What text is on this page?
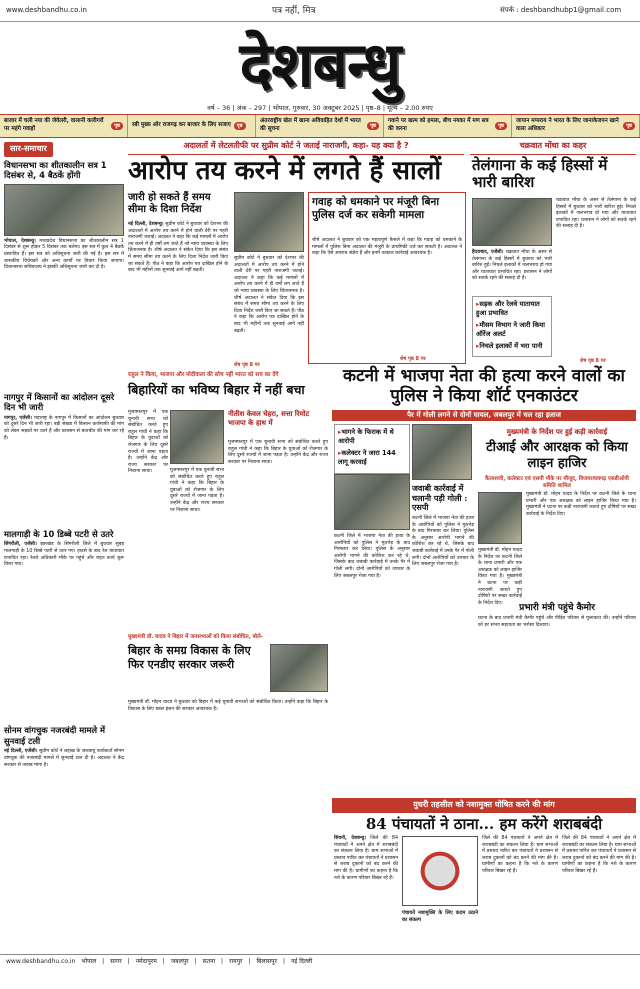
www.deshbandhu.co.in	पत्र नहीं, मित्र	संपर्क : deshbandhubp1@gmail.com
देशबन्धु
वर्ष – 36 | अंक – 297 | भोपाल, गुरुवार, 30 अक्टूबर 2025 | पृष्ठ–8 | मूल्य – 2.00 रुपए
बाजार में चली नया की जेवेलरी, वालानी कारीगरों पर महंगे गवाहों
पृष्ठ	रबी मुख्य ओर राजगढ़ कर बाजार के लिए सजाए	पृष्ठ
अंतरराष्ट्रीय खेल में खाना अविवाहित देशों में भारत की सूचना
पृष्ठ
गवाने पर खत्म को हमला, बीच नयका में मण सत्र की करना
पृष्ठ
जापान मप्पराय ने भारत के लिए जानाकेजपन खाने वाला अधिकार
पृष्ठ
सार-समाचार
विधानसभा का शीतकालीन सत्र 1 दिसंबर से, 4 बैठकें होंगी
भोपाल, देशबन्धु। मध्यप्रदेश विधानसभा का शीतकालीन सत्र 1 दिसंबर से शुरू होकर 5 दिसंबर तक चलेगा। इस सत्र में कुल 4 बैठकें प्रस्तावित हैं। इस सत्र को अधिसूचना जारी की गई है। इस सत्र में शासकीय विधेयकों और अन्य कार्यों पर विचार किया जाएगा। विधानसभा सचिवालय ने इसकी अधिसूचना जारी कर दी है।
नागपुर में किसानों का आंदोलन दूसरे दिन भी जारी
नागपुर, एजेंसी। महाराष्ट्र के नागपुर में किसानों का आंदोलन बुधवार को दूसरे दिन भी जारी रहा। बड़ी संख्या में किसान कर्जमाफी की मांग को लेकर सड़कों पर उतरे हैं और प्रशासन से बातचीत की मांग कर रहे हैं।
मालगाड़ी के 10 डिब्बे पटरी से उतरे
सिंगरौली, एजेंसी। झारखंड के सिंगरौली जिले में बुधवार सुबह मालगाड़ी के 10 डिब्बे पटरी से उतर गए। हादसे के बाद रेल यातायात प्रभावित रहा। रेलवे अधिकारी मौके पर पहुंचे और राहत कार्य शुरू किया गया।
सोनम वांगचुक नजरबंदी मामले में सुनवाई टली
नई दिल्ली, एजेंसी। सुप्रीम कोर्ट ने लद्दाख के जलवायु कार्यकर्ता सोनम वांगचुक की नजरबंदी मामले में सुनवाई टाल दी है। अदालत ने केंद्र सरकार से जवाब मांगा है।
अदालतों में लेटलतीफी पर सुप्रीम कोर्ट ने जताई नाराजगी, कहा- यह क्या है ?
आरोप तय करने में लगते हैं सालों
जारी हो सकते हैं समय सीमा के दिशा निर्देश
नई दिल्ली, देशबन्धु। सुप्रीम कोर्ट ने बुधवार को देशभर की अदालतों में आरोप तय करने में होने वाली देरी पर गहरी नाराजगी जताई। अदालत ने कहा कि कई मामलों में आरोप तय करने में ही वर्षों लग जाते हैं जो न्याय व्यवस्था के लिए चिंताजनक है। शीर्ष अदालत ने संकेत दिया कि इस संबंध में समय सीमा तय करने के लिए दिशा निर्देश जारी किए जा सकते हैं। पीठ ने कहा कि आरोप पत्र दाखिल होने के बाद भी महीनों तक सुनवाई आगे नहीं बढ़ती।
सुप्रीम कोर्ट ने बुधवार को देशभर की अदालतों में आरोप तय करने में होने वाली देरी पर गहरी नाराजगी जताई। अदालत ने कहा कि कई मामलों में आरोप तय करने में ही वर्षों लग जाते हैं जो न्याय व्यवस्था के लिए चिंताजनक है। शीर्ष अदालत ने संकेत दिया कि इस संबंध में समय सीमा तय करने के लिए दिशा निर्देश जारी किए जा सकते हैं। पीठ ने कहा कि आरोप पत्र दाखिल होने के बाद भी महीनों तक सुनवाई आगे नहीं बढ़ती।
शेष पृष्ठ 8 पर
गवाह को धमकाने पर मंजूरी बिना पुलिस दर्ज कर सकेगी मामला
शीर्ष अदालत ने बुधवार को एक महत्वपूर्ण फैसले में कहा कि गवाह को धमकाने के मामलों में पुलिस बिना अदालत की मंजूरी के प्राथमिकी दर्ज कर सकती है। अदालत ने कहा कि ऐसे अपराध संज्ञेय हैं और इनमें तत्काल कार्रवाई आवश्यक है।
शेष पृष्ठ 8 पर
चक्रवात मोंथा का कहर
तेलंगाना के कई हिस्सों में भारी बारिश
चक्रवात मोंथा के असर से तेलंगाना के कई हिस्सों में बुधवार को भारी बारिश हुई। निचले इलाकों में जलभराव हो गया और यातायात प्रभावित रहा। प्रशासन ने लोगों को सतर्क रहने की सलाह दी है।
हैदराबाद, एजेंसी। चक्रवात मोंथा के असर से तेलंगाना के कई हिस्सों में बुधवार को भारी बारिश हुई। निचले इलाकों में जलभराव हो गया और यातायात प्रभावित रहा। प्रशासन ने लोगों को सतर्क रहने की सलाह दी है।
▸ सड़क और रेलवे यातायात हुआ प्रभावित
▸ मौसम विभाग ने जारी किया ऑरेंज अलर्ट
▸ निचले इलाकों में भरा पानी
शेष पृष्ठ 8 पर
राहुल ने किया, भाजपा और मोदीवाला की सोच नहीं भारत को सच का देंगे
बिहारियों का भविष्य बिहार में नहीं बचा
मुजफ्फरपुर में एक चुनावी सभा को संबोधित करते हुए राहुल गांधी ने कहा कि बिहार के युवाओं को रोजगार के लिए दूसरे राज्यों में जाना पड़ता है। उन्होंने केंद्र और राज्य सरकार पर निशाना साधा।
नीतीश केवल चेहरा, सत्ता रिमोट भाजपा के हाथ में
मुजफ्फरपुर में एक चुनावी सभा को संबोधित करते हुए राहुल गांधी ने कहा कि बिहार के युवाओं को रोजगार के लिए दूसरे राज्यों में जाना पड़ता है। उन्होंने केंद्र और राज्य सरकार पर निशाना साधा।
मुजफ्फरपुर में एक चुनावी सभा को संबोधित करते हुए राहुल गांधी ने कहा कि बिहार के युवाओं को रोजगार के लिए दूसरे राज्यों में जाना पड़ता है। उन्होंने केंद्र और राज्य सरकार पर निशाना साधा।
मुख्यमंत्री डॉ. यादव ने बिहार में जनसभाओं को किया संबोधित, बोले-
बिहार के समग्र विकास के लिए फिर एनडीए सरकार जरूरी
मुख्यमंत्री डॉ. मोहन यादव ने बुधवार को बिहार में कई चुनावी सभाओं को संबोधित किया। उन्होंने कहा कि बिहार के विकास के लिए डबल इंजन की सरकार आवश्यक है।
कटनी में भाजपा नेता की हत्या करने वालों का पुलिस ने किया शॉर्ट एनकाउंटर
पैर में गोली लगने से दोनों घायल, जबलपुर में चल रहा इलाज
▸ भागने के फिराक में थे आरोपी
▸ कलेक्टर ने जारा 144 लागू करवाई
जवाबी कार्रवाई में चलानी पड़ी गोली : एसपी
कटनी जिले में भाजपा नेता की हत्या के आरोपियों को पुलिस ने मुठभेड़ के बाद गिरफ्तार कर लिया। पुलिस के अनुसार आरोपी भागने की कोशिश कर रहे थे, जिसके बाद जवाबी कार्रवाई में उनके पैर में गोली लगी। दोनों आरोपियों को उपचार के लिए जबलपुर भेजा गया है।
कटनी जिले में भाजपा नेता की हत्या के आरोपियों को पुलिस ने मुठभेड़ के बाद गिरफ्तार कर लिया। पुलिस के अनुसार आरोपी भागने की कोशिश कर रहे थे, जिसके बाद जवाबी कार्रवाई में उनके पैर में गोली लगी। दोनों आरोपियों को उपचार के लिए जबलपुर भेजा गया है।
मुख्यमंत्री के निर्देश पर हुई कड़ी कार्रवाई
टीआई और आरक्षक को किया लाइन हाजिर
कैलाशजी, कलेक्टर एवं एसपी मौके पर मौजूद, विजयराघवगढ़ एसडीओपी समिति शामिल
मुख्यमंत्री डॉ. मोहन यादव के निर्देश पर कटनी जिले के थाना प्रभारी और एक आरक्षक को लाइन हाजिर किया गया है। मुख्यमंत्री ने घटना पर कड़ी नाराजगी जताते हुए दोषियों पर सख्त कार्रवाई के निर्देश दिए।
मुख्यमंत्री डॉ. मोहन यादव के निर्देश पर कटनी जिले के थाना प्रभारी और एक आरक्षक को लाइन हाजिर किया गया है। मुख्यमंत्री ने घटना पर कड़ी नाराजगी जताते हुए दोषियों पर सख्त कार्रवाई के निर्देश दिए।	प्रभारी मंत्री पहुंचे कैमोर
घटना के बाद प्रभारी मंत्री कैमोर पहुंचे और पीड़ित परिवार से मुलाकात की। उन्होंने परिवार को हर संभव सहायता का भरोसा दिलाया।
युधरी तहसील को नशामुक्त घोषित करने की मांग
84 पंचायतों ने ठाना... हम करेंगे शराबबंदी
सिवनी, देशबन्धु। जिले की 84 पंचायतों ने अपने क्षेत्र में शराबबंदी का संकल्प लिया है। ग्राम सभाओं में प्रस्ताव पारित कर पंचायतों ने प्रशासन से शराब दुकानों को बंद करने की मांग की है। ग्रामीणों का कहना है कि नशे के कारण परिवार बिखर रहे हैं।
पंचायतें नशामुक्ति के लिए कदम उठाने का संकल्प
जिले की 84 पंचायतों ने अपने क्षेत्र में शराबबंदी का संकल्प लिया है। ग्राम सभाओं में प्रस्ताव पारित कर पंचायतों ने प्रशासन से शराब दुकानों को बंद करने की मांग की है। ग्रामीणों का कहना है कि नशे के कारण परिवार बिखर रहे हैं।
जिले की 84 पंचायतों ने अपने क्षेत्र में शराबबंदी का संकल्प लिया है। ग्राम सभाओं में प्रस्ताव पारित कर पंचायतों ने प्रशासन से शराब दुकानों को बंद करने की मांग की है। ग्रामीणों का कहना है कि नशे के कारण परिवार बिखर रहे हैं।
www.deshbandhu.co.in भोपाल | सागर | नर्मदापुरम | जबलपुर | सतना | रायपुर | बिलासपुर | नई दिल्ली
